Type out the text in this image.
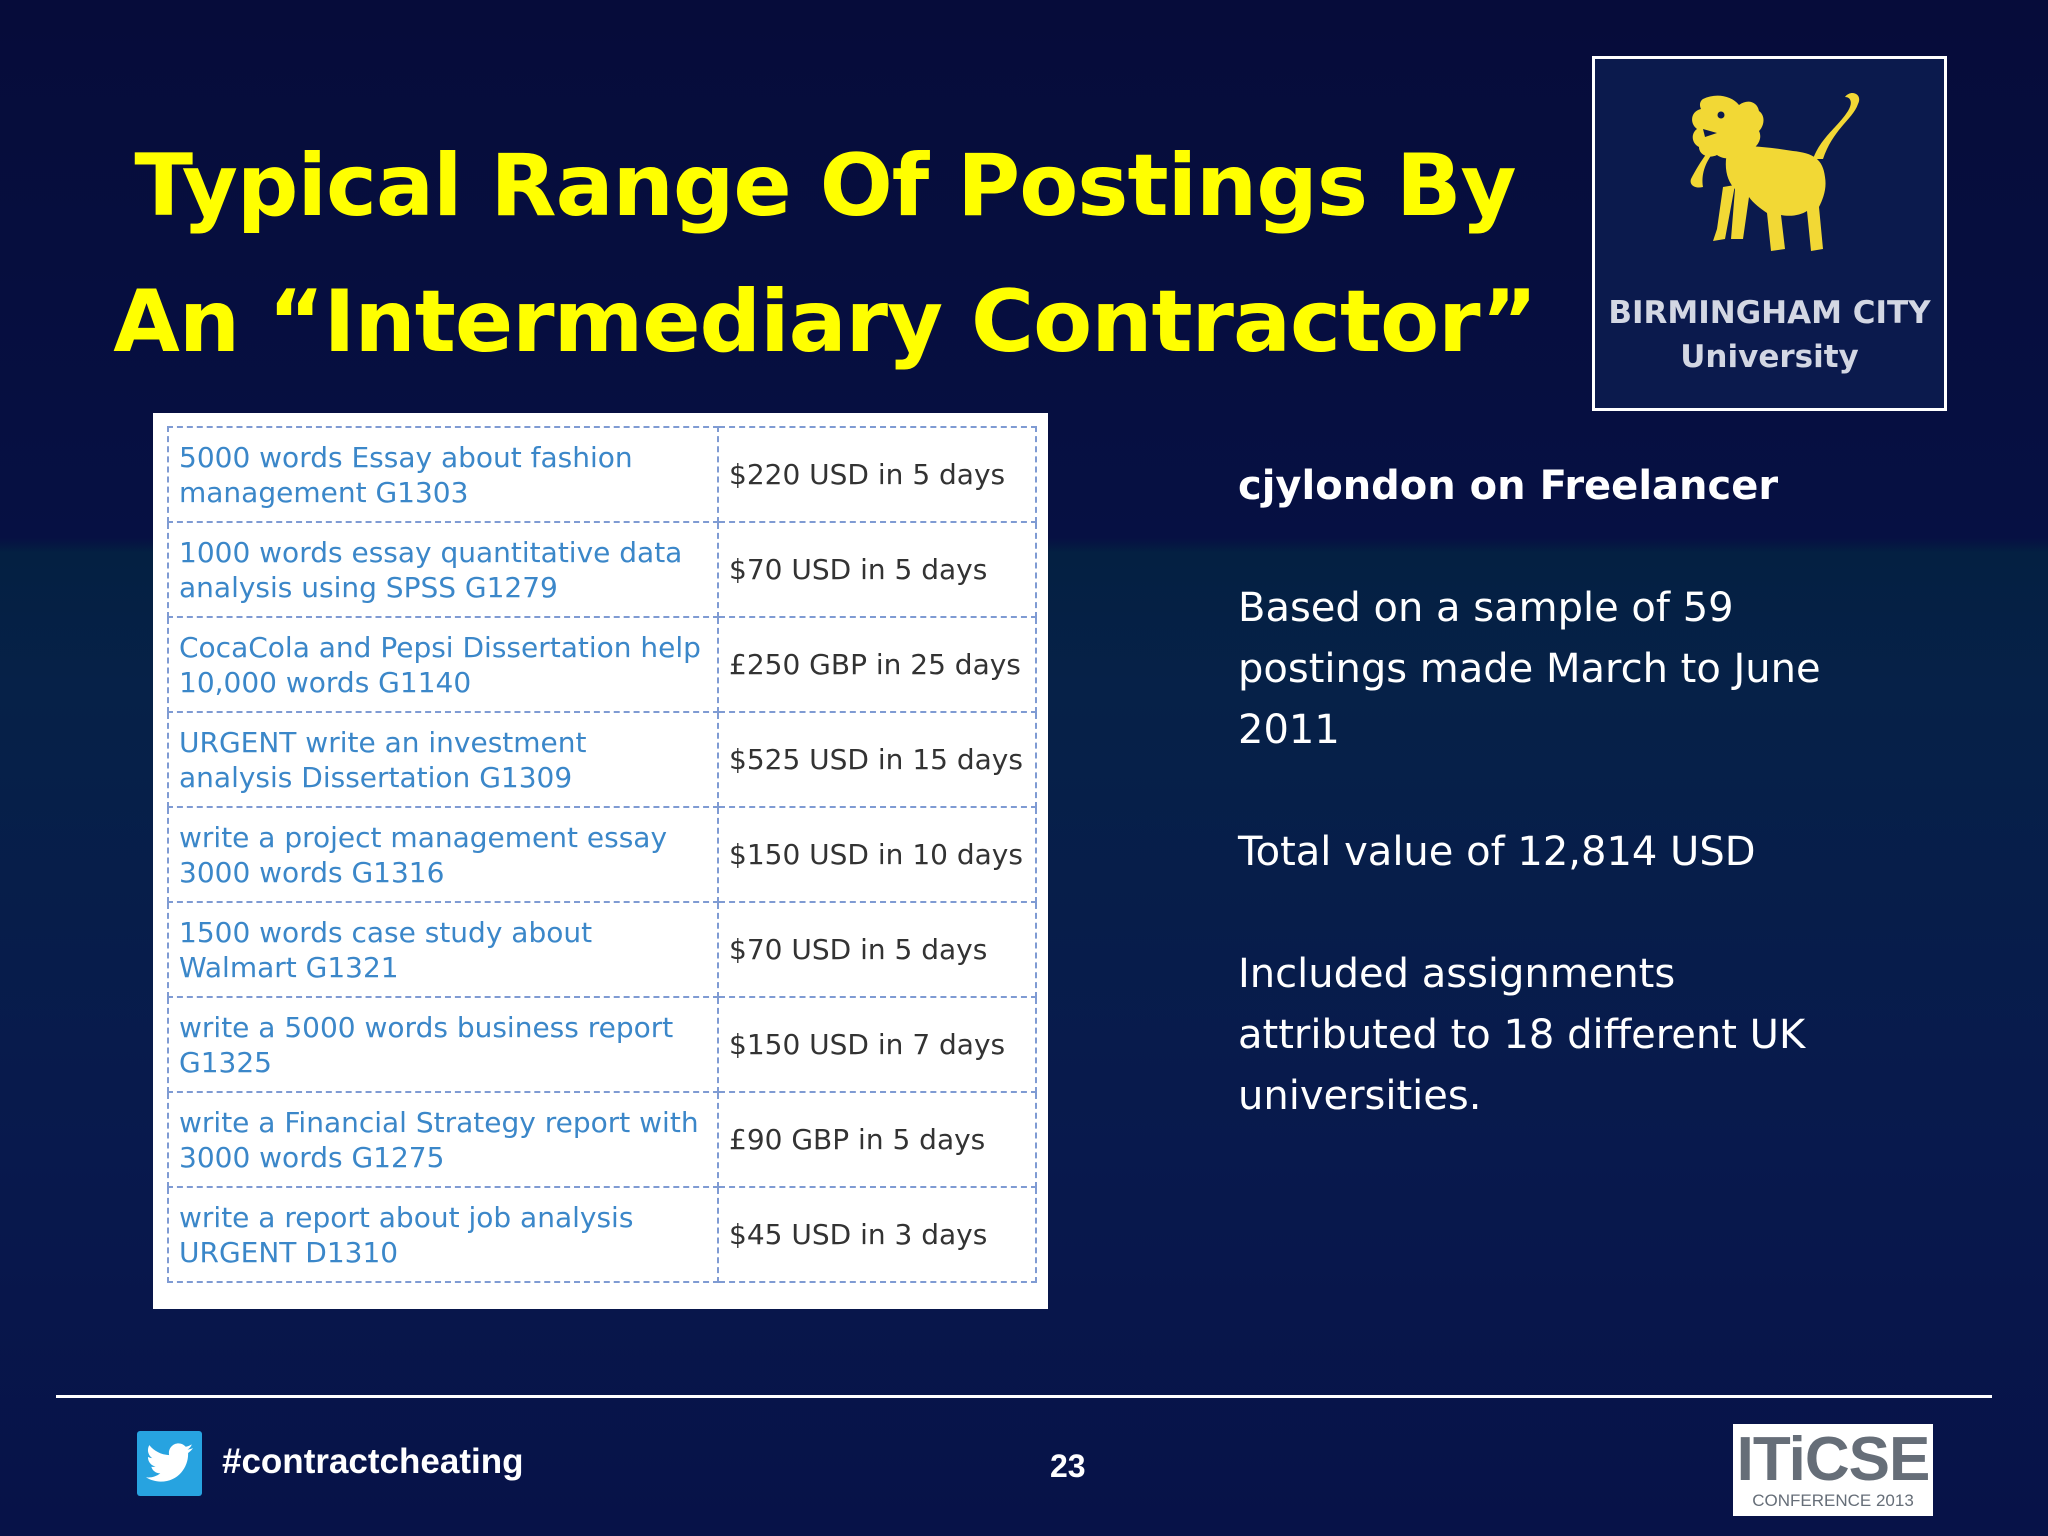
Typical Range Of Postings By
An “Intermediary Contractor”	BIRMINGHAM CITY
University
5000 words Essay about fashion management G1303	$220 USD in 5 days
1000 words essay quantitative data analysis using SPSS G1279	$70 USD in 5 days
CocaCola and Pepsi Dissertation help 10,000 words G1140	£250 GBP in 25 days
URGENT write an investment analysis Dissertation G1309	$525 USD in 15 days
write a project management essay 3000 words G1316	$150 USD in 10 days
1500 words case study about Walmart G1321	$70 USD in 5 days
write a 5000 words business report G1325	$150 USD in 7 days
write a Financial Strategy report with 3000 words G1275	£90 GBP in 5 days
write a report about job analysis URGENT D1310	$45 USD in 3 days

cjylondon on Freelancer

Based on a sample of 59 postings made March to June 2011

Total value of 12,814 USD

Included assignments attributed to 18 different UK universities.

#contractcheating	23	ITiCSE
CONFERENCE 2013
